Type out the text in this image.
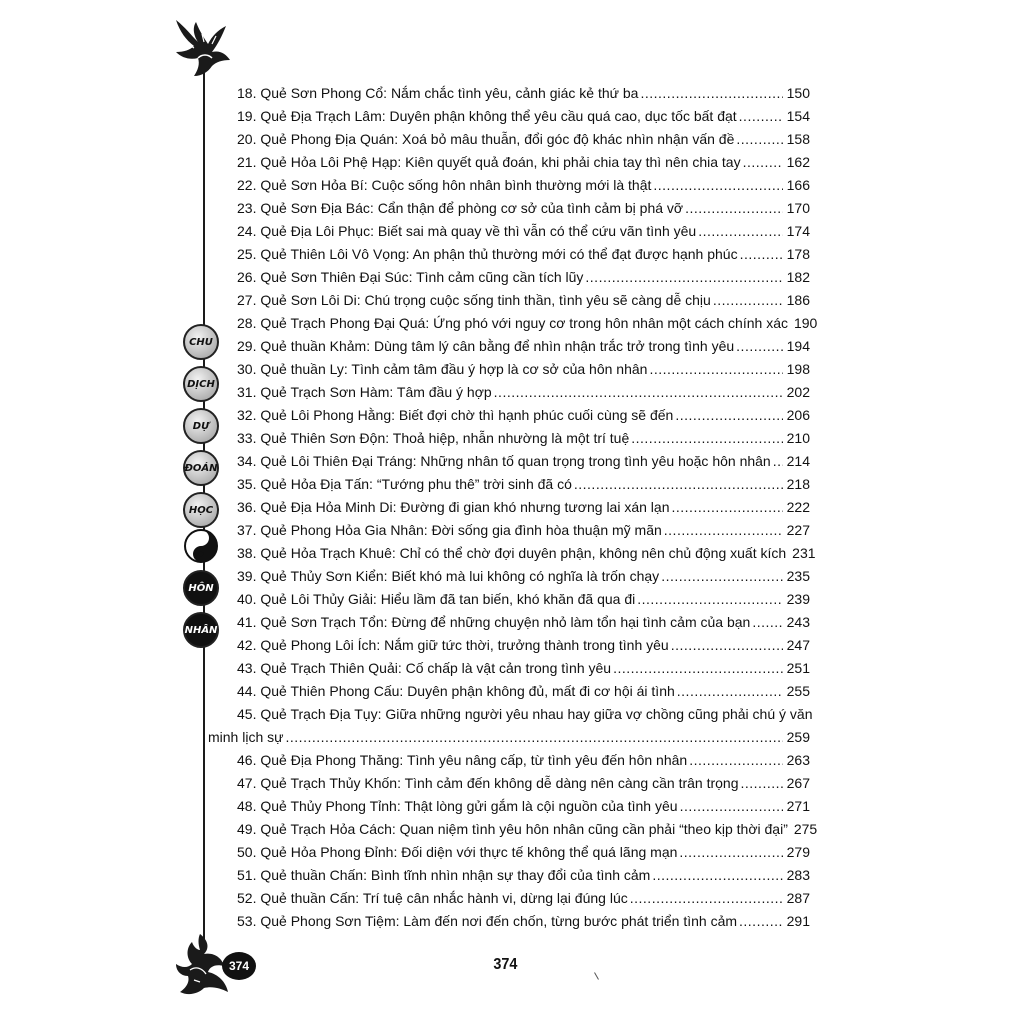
CHU
DỊCH
DỰ
ĐOÁN
HỌC
HÔN
NHÂN
18. Quẻ Sơn Phong Cổ: Nắm chắc tình yêu, cảnh giác kẻ thứ ba .....	150
19. Quẻ Địa Trạch Lâm: Duyên phận không thể yêu cầu quá cao, dục tốc bất đạt .....	154
20. Quẻ Phong Địa Quán: Xoá bỏ mâu thuẫn, đổi góc độ khác nhìn nhận vấn đề .....	158
21. Quẻ Hỏa Lôi Phệ Hạp: Kiên quyết quả đoán, khi phải chia tay thì nên chia tay .....	162
22. Quẻ Sơn Hỏa Bí: Cuộc sống hôn nhân bình thường mới là thật .....	166
23. Quẻ Sơn Địa Bác: Cẩn thận để phòng cơ sở của tình cảm bị phá vỡ .....	170
24. Quẻ Địa Lôi Phục: Biết sai mà quay về thì vẫn có thể cứu vãn tình yêu .....	174
25. Quẻ Thiên Lôi Vô Vọng: An phận thủ thường mới có thể đạt được hạnh phúc .....	178
26. Quẻ Sơn Thiên Đại Súc: Tình cảm cũng cần tích lũy .....	182
27. Quẻ Sơn Lôi Di: Chú trọng cuộc sống tinh thần, tình yêu sẽ càng dễ chịu .....	186
28. Quẻ Trạch Phong Đại Quá: Ứng phó với nguy cơ trong hôn nhân một cách chính xác 190
29. Quẻ thuần Khảm: Dùng tâm lý cân bằng để nhìn nhận trắc trở trong tình yêu .....	194
30. Quẻ thuần Ly: Tình cảm tâm đầu ý hợp là cơ sở của hôn nhân .....	198
31. Quẻ Trạch Sơn Hàm: Tâm đầu ý hợp .....	202
32. Quẻ Lôi Phong Hằng: Biết đợi chờ thì hạnh phúc cuối cùng sẽ đến .....	206
33. Quẻ Thiên Sơn Độn: Thoả hiệp, nhẫn nhường là một trí tuệ .....	210
34. Quẻ Lôi Thiên Đại Tráng: Những nhân tố quan trọng trong tình yêu hoặc hôn nhân ..... 214
35. Quẻ Hỏa Địa Tấn: “Tướng phu thê” trời sinh đã có .....	218
36. Quẻ Địa Hỏa Minh Di: Đường đi gian khó nhưng tương lai xán lạn .....	222
37. Quẻ Phong Hỏa Gia Nhân: Đời sống gia đình hòa thuận mỹ mãn .....	227
38. Quẻ Hỏa Trạch Khuê: Chỉ có thể chờ đợi duyên phận, không nên chủ động xuất kích 231
39. Quẻ Thủy Sơn Kiển: Biết khó mà lui không có nghĩa là trốn chạy .....	235
40. Quẻ Lôi Thủy Giải: Hiểu lầm đã tan biến, khó khăn đã qua đi .....	239
41. Quẻ Sơn Trạch Tổn: Đừng để những chuyện nhỏ làm tổn hại tình cảm của bạn .....	243
42. Quẻ Phong Lôi Ích: Nắm giữ tức thời, trưởng thành trong tình yêu .....	247
43. Quẻ Trạch Thiên Quải: Cố chấp là vật cản trong tình yêu .....	251
44. Quẻ Thiên Phong Cấu: Duyên phận không đủ, mất đi cơ hội ái tình .....	255
45. Quẻ Trạch Địa Tụy: Giữa những người yêu nhau hay giữa vợ chồng cũng phải chú ý văn
minh lịch sự .....	259
46. Quẻ Địa Phong Thăng: Tình yêu nâng cấp, từ tình yêu đến hôn nhân .....	263
47. Quẻ Trạch Thủy Khốn: Tình cảm đến không dễ dàng nên càng cần trân trọng .....	267
48. Quẻ Thủy Phong Tỉnh: Thật lòng gửi gắm là cội nguồn của tình yêu .....	271
49. Quẻ Trạch Hỏa Cách: Quan niệm tình yêu hôn nhân cũng cần phải “theo kịp thời đại” 275
50. Quẻ Hỏa Phong Đỉnh: Đối diện với thực tế không thể quá lãng mạn .....	279
51. Quẻ thuần Chấn: Bình tĩnh nhìn nhận sự thay đổi của tình cảm .....	283
52. Quẻ thuần Cấn: Trí tuệ cân nhắc hành vi, dừng lại đúng lúc .....	287
53. Quẻ Phong Sơn Tiệm: Làm đến nơi đến chốn, từng bước phát triển tình cảm .....	291
374	374
